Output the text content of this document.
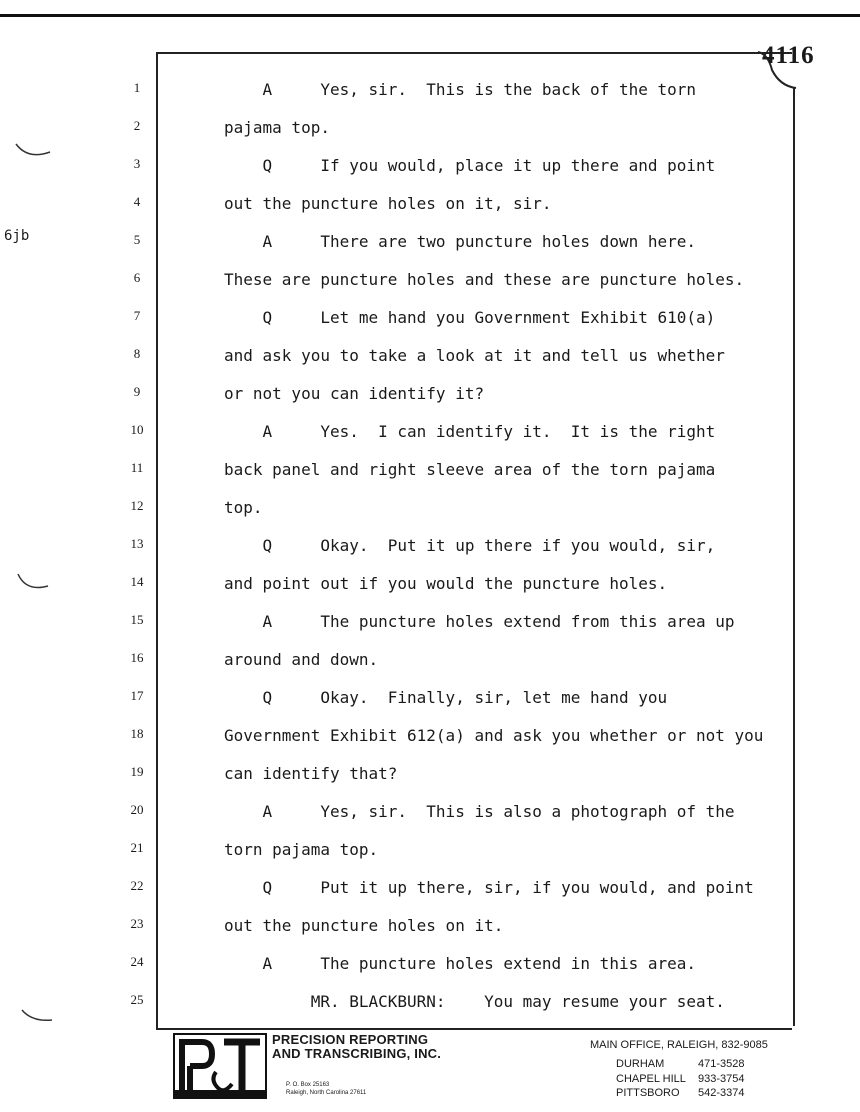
4116
6jb
1
2
3
4
5
6
7
8
9
10
11
12
13
14
15
16
17
18
19
20
21
22
23
24
25
A     Yes, sir.  This is the back of the torn
pajama top.
Q     If you would, place it up there and point
out the puncture holes on it, sir.
A     There are two puncture holes down here.
These are puncture holes and these are puncture holes.
Q     Let me hand you Government Exhibit 610(a)
and ask you to take a look at it and tell us whether
or not you can identify it?
A     Yes.  I can identify it.  It is the right
back panel and right sleeve area of the torn pajama
top.
Q     Okay.  Put it up there if you would, sir,
and point out if you would the puncture holes.
A     The puncture holes extend from this area up
around and down.
Q     Okay.  Finally, sir, let me hand you
Government Exhibit 612(a) and ask you whether or not you
can identify that?
A     Yes, sir.  This is also a photograph of the
torn pajama top.
Q     Put it up there, sir, if you would, and point
out the puncture holes on it.
A     The puncture holes extend in this area.
MR. BLACKBURN:    You may resume your seat.
PRECISION REPORTING
AND TRANSCRIBING, INC.
P. O. Box 25163
Raleigh, North Carolina 27611
MAIN OFFICE, RALEIGH, 832-9085
DURHAM	471-3528
CHAPEL HILL 933-3754
PITTSBORO 542-3374
